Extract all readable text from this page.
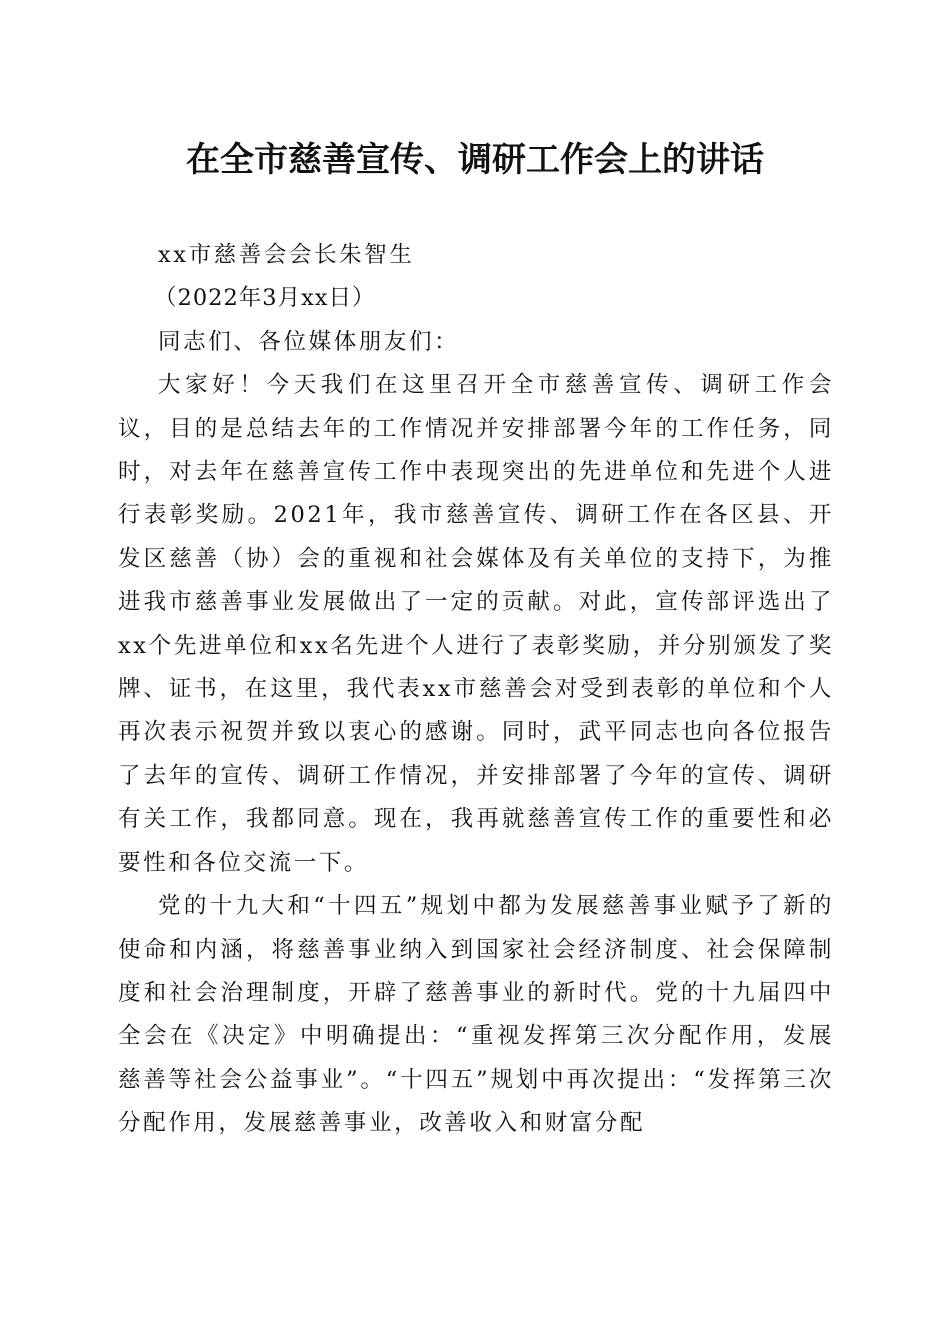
在全市慈善宣传、调研工作会上的讲话

xx市慈善会会长朱智生

（2022年3月xx日）

同志们、各位媒体朋友们：

大家好！今天我们在这里召开全市慈善宣传、调研工作会议，目的是总结去年的工作情况并安排部署今年的工作任务，同时，对去年在慈善宣传工作中表现突出的先进单位和先进个人进行表彰奖励。2021年，我市慈善宣传、调研工作在各区县、开发区慈善（协）会的重视和社会媒体及有关单位的支持下，为推进我市慈善事业发展做出了一定的贡献。对此，宣传部评选出了xx个先进单位和xx名先进个人进行了表彰奖励，并分别颁发了奖牌、证书，在这里，我代表xx市慈善会对受到表彰的单位和个人再次表示祝贺并致以衷心的感谢。同时，武平同志也向各位报告了去年的宣传、调研工作情况，并安排部署了今年的宣传、调研有关工作，我都同意。现在，我再就慈善宣传工作的重要性和必要性和各位交流一下。

党的十九大和“十四五”规划中都为发展慈善事业赋予了新的使命和内涵，将慈善事业纳入到国家社会经济制度、社会保障制度和社会治理制度，开辟了慈善事业的新时代。党的十九届四中全会在《决定》中明确提出：“重视发挥第三次分配作用，发展慈善等社会公益事业”。“十四五”规划中再次提出：“发挥第三次分配作用，发展慈善事业，改善收入和财富分配
